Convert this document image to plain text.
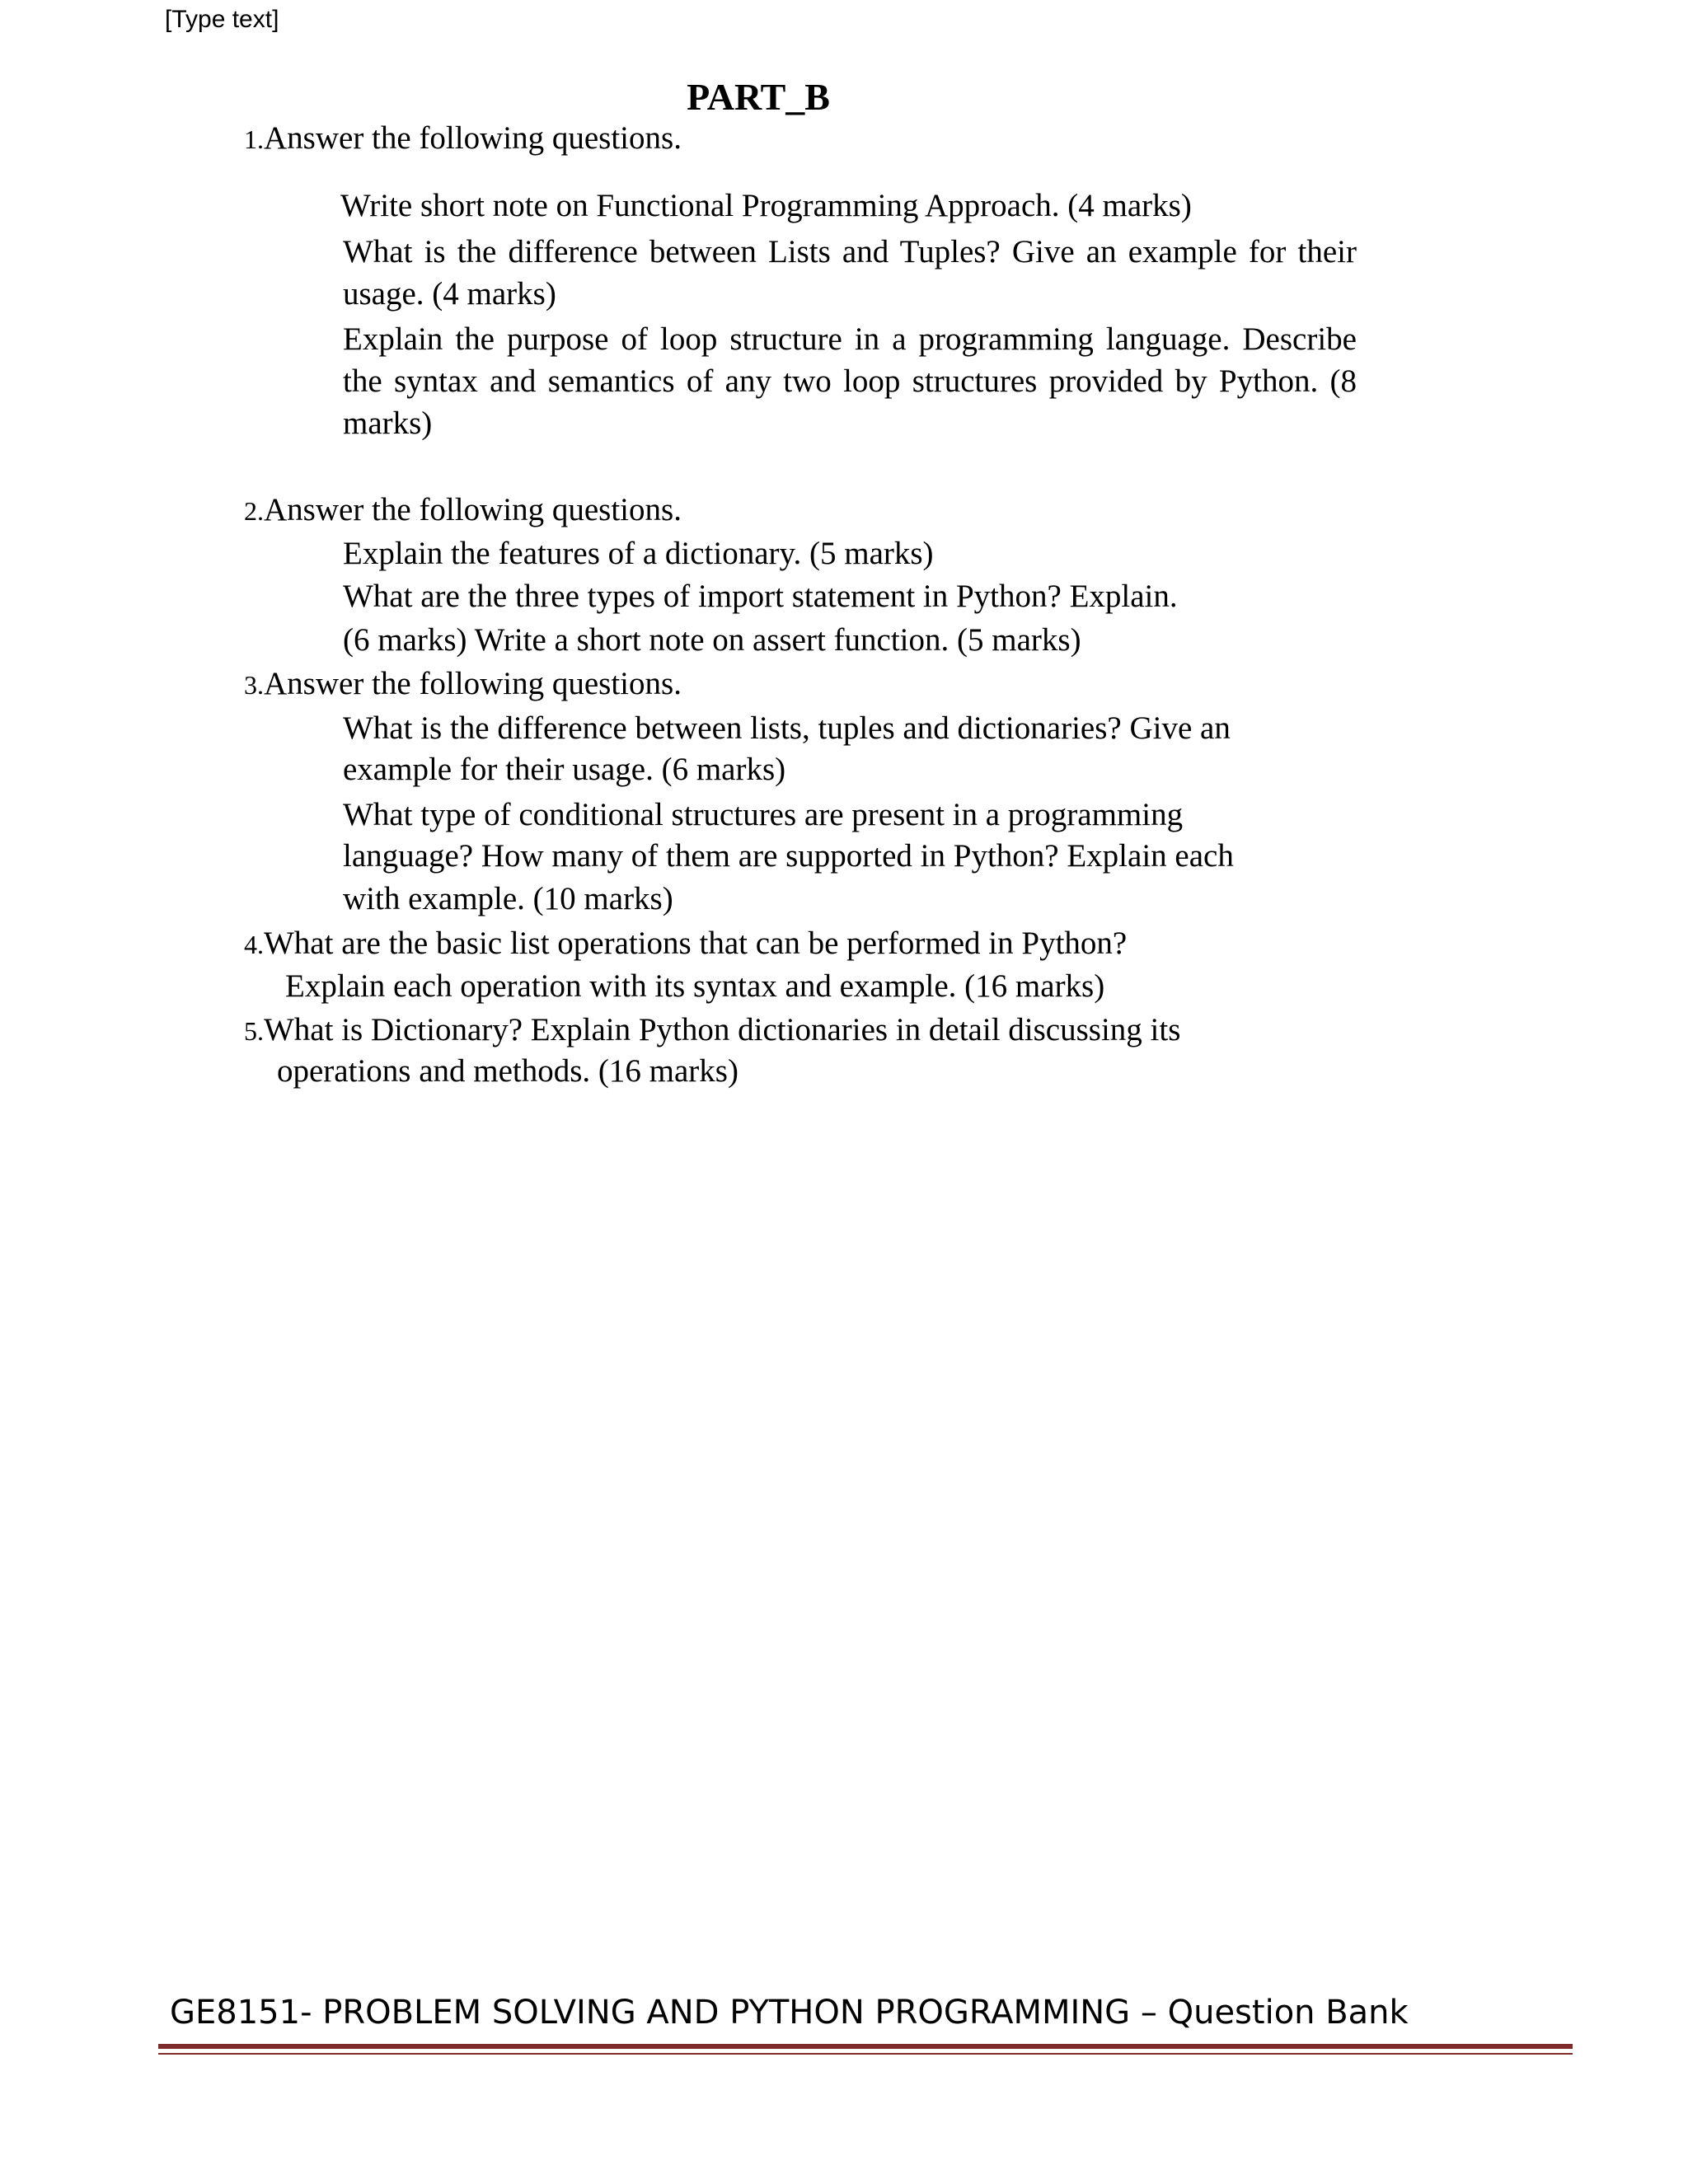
[Type text]
PART_B
1.Answer the following questions.
Write short note on Functional Programming Approach. (4 marks)
What is the difference between Lists and Tuples? Give an example for their usage. (4 marks)
Explain the purpose of loop structure in a programming language. Describe the syntax and semantics of any two loop structures provided by Python. (8 marks)
2.Answer the following questions.
Explain the features of a dictionary. (5 marks)
What are the three types of import statement in Python? Explain.
(6 marks) Write a short note on assert function. (5 marks)
3.Answer the following questions.
What is the difference between lists, tuples and dictionaries? Give an
example for their usage. (6 marks)
What type of conditional structures are present in a programming
language? How many of them are supported in Python? Explain each
with example. (10 marks)
4.What are the basic list operations that can be performed in Python?
Explain each operation with its syntax and example. (16 marks)
5.What is Dictionary? Explain Python dictionaries in detail discussing its
operations and methods. (16 marks)
GE8151- PROBLEM SOLVING AND PYTHON PROGRAMMING – Question Bank
